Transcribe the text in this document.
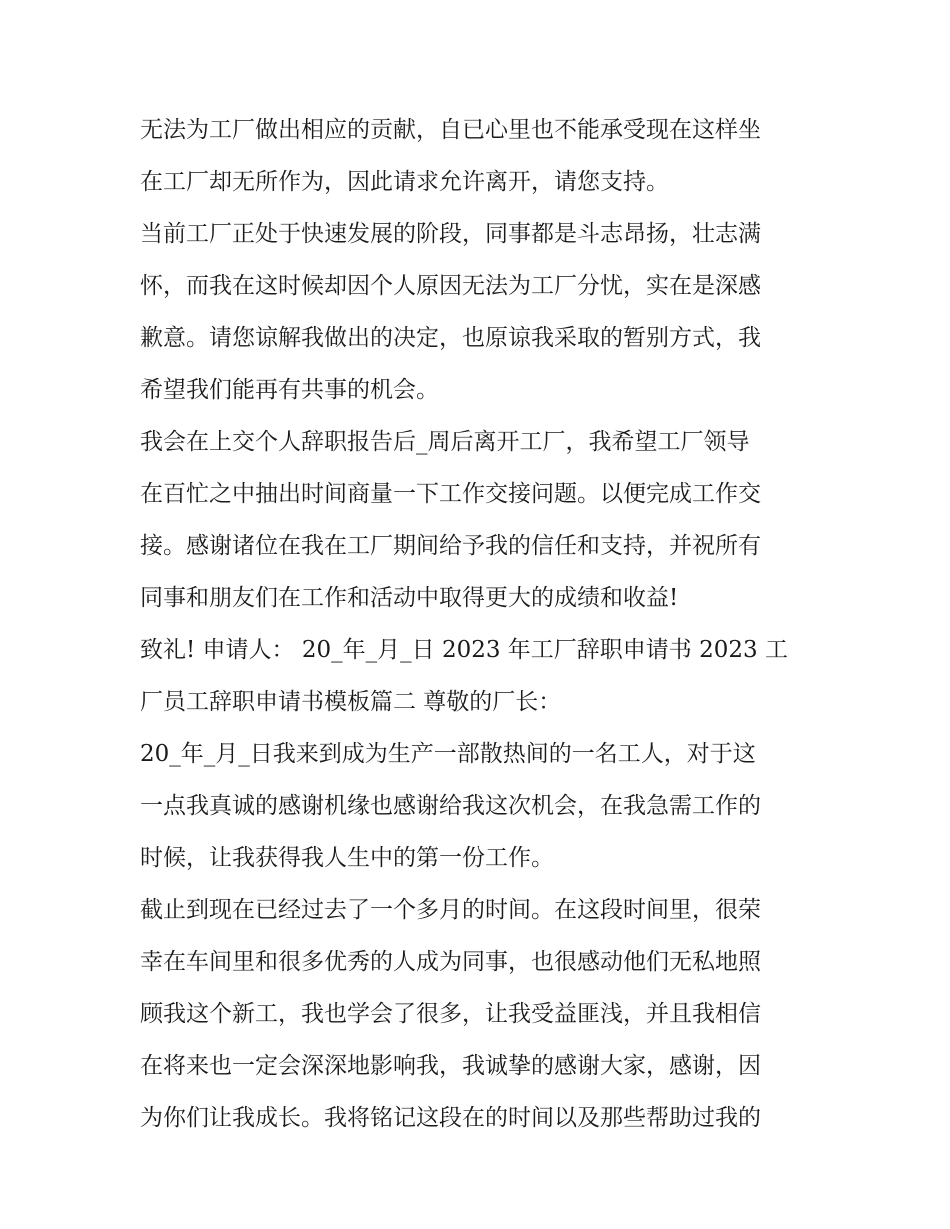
无法为工厂做出相应的贡献，自已心里也不能承受现在这样坐
在工厂却无所作为，因此请求允许离开，请您支持。
当前工厂正处于快速发展的阶段，同事都是斗志昂扬，壮志满
怀，而我在这时候却因个人原因无法为工厂分忧，实在是深感
歉意。请您谅解我做出的决定，也原谅我采取的暂别方式，我
希望我们能再有共事的机会。
我会在上交个人辞职报告后_周后离开工厂，我希望工厂领导
在百忙之中抽出时间商量一下工作交接问题。以便完成工作交
接。感谢诸位在我在工厂期间给予我的信任和支持，并祝所有
同事和朋友们在工作和活动中取得更大的成绩和收益!
致礼! 申请人： 20_年_月_日 2023 年工厂辞职申请书 2023 工
厂员工辞职申请书模板篇二 尊敬的厂长：
20_年_月_日我来到成为生产一部散热间的一名工人，对于这
一点我真诚的感谢机缘也感谢给我这次机会，在我急需工作的
时候，让我获得我人生中的第一份工作。
截止到现在已经过去了一个多月的时间。在这段时间里，很荣
幸在车间里和很多优秀的人成为同事，也很感动他们无私地照
顾我这个新工，我也学会了很多，让我受益匪浅，并且我相信
在将来也一定会深深地影响我，我诚挚的感谢大家，感谢，因
为你们让我成长。我将铭记这段在的时间以及那些帮助过我的
